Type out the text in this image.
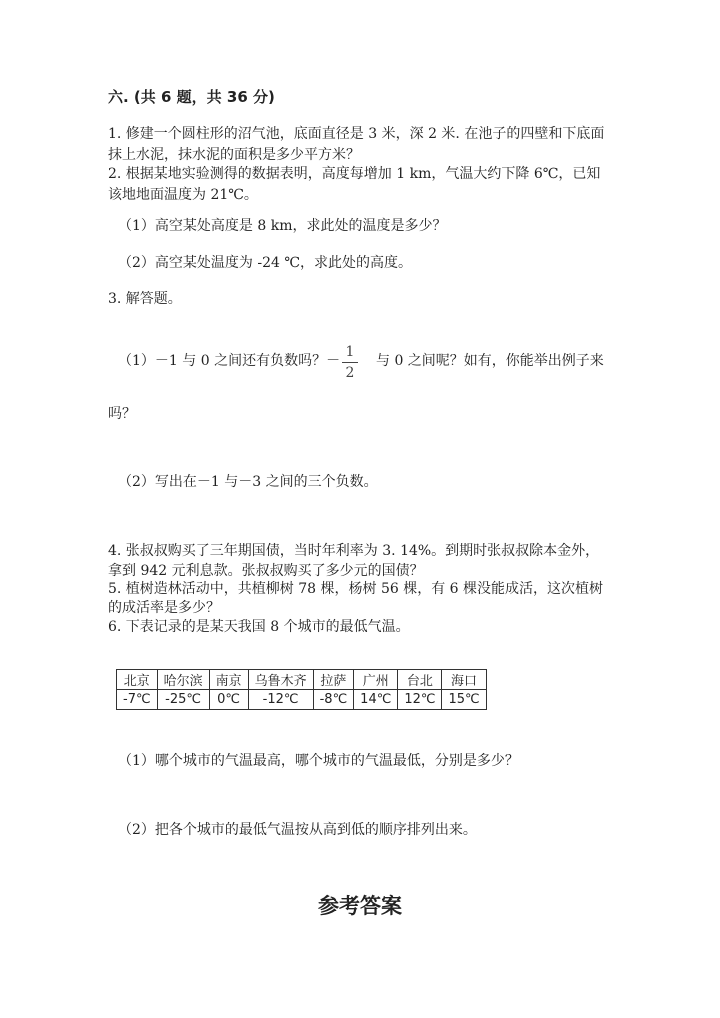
六. (共 6 题，共 36 分)

1. 修建一个圆柱形的沼气池，底面直径是 3 米，深 2 米. 在池子的四壁和下底面

抹上水泥，抹水泥的面积是多少平方米？

2. 根据某地实验测得的数据表明，高度每增加 1 km，气温大约下降 6℃，已知

该地地面温度为 21℃。

（1）高空某处高度是 8 km，求此处的温度是多少？

（2）高空某处温度为 -24 ℃，求此处的高度。

3. 解答题。

（1）－1 与 0 之间还有负数吗？－

1
2

与 0 之间呢？如有，你能举出例子来

吗？

（2）写出在－1 与－3 之间的三个负数。

4. 张叔叔购买了三年期国债，当时年利率为 3. 14%。到期时张叔叔除本金外，

拿到 942 元利息款。张叔叔购买了多少元的国债？

5. 植树造林活动中，共植柳树 78 棵，杨树 56 棵，有 6 棵没能成活，这次植树

的成活率是多少？

6. 下表记录的是某天我国 8 个城市的最低气温。

北京	哈尔滨	南京	乌鲁木齐	拉萨	广州	台北	海口
-7℃	-25℃	0℃	-12℃	-8℃	14℃	12℃	15℃

（1）哪个城市的气温最高，哪个城市的气温最低，分别是多少？

（2）把各个城市的最低气温按从高到低的顺序排列出来。

参考答案
